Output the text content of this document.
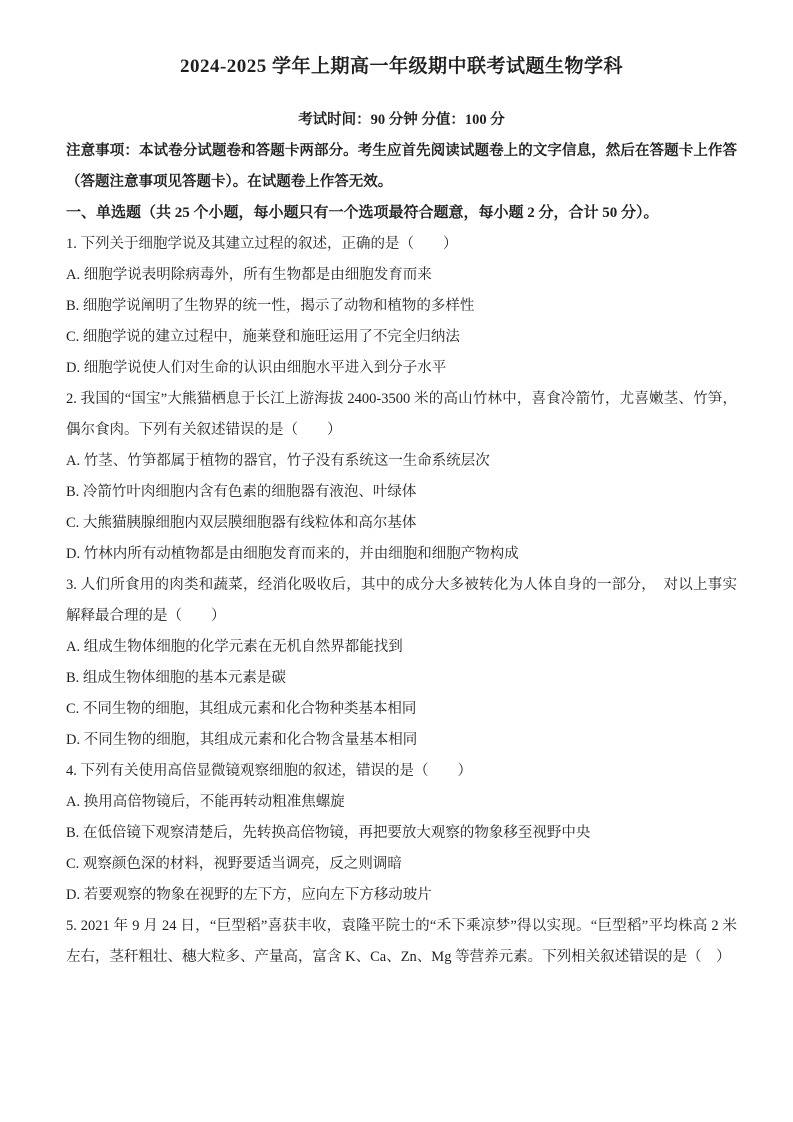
2024-2025 学年上期高一年级期中联考试题生物学科

考试时间：90 分钟 分值：100 分

注意事项：本试卷分试题卷和答题卡两部分。考生应首先阅读试题卷上的文字信息，然后在答题卡上作答（答题注意事项见答题卡）。在试题卷上作答无效。

一、单选题（共 25 个小题，每小题只有一个选项最符合题意，每小题 2 分，合计 50 分）。

1. 下列关于细胞学说及其建立过程的叙述，正确的是（　　）

A. 细胞学说表明除病毒外，所有生物都是由细胞发育而来

B. 细胞学说阐明了生物界的统一性，揭示了动物和植物的多样性

C. 细胞学说的建立过程中，施莱登和施旺运用了不完全归纳法

D. 细胞学说使人们对生命的认识由细胞水平进入到分子水平

2. 我国的“国宝”大熊猫栖息于长江上游海拔 2400-3500 米的高山竹林中，喜食冷箭竹，尤喜嫩茎、竹笋，偶尔食肉。下列有关叙述错误的是（　　）

A. 竹茎、竹笋都属于植物的器官，竹子没有系统这一生命系统层次

B. 冷箭竹叶肉细胞内含有色素的细胞器有液泡、叶绿体

C. 大熊猫胰腺细胞内双层膜细胞器有线粒体和高尔基体

D. 竹林内所有动植物都是由细胞发育而来的，并由细胞和细胞产物构成

3. 人们所食用的肉类和蔬菜，经消化吸收后，其中的成分大多被转化为人体自身的一部分，　对以上事实解释最合理的是（　　）

A. 组成生物体细胞的化学元素在无机自然界都能找到

B. 组成生物体细胞的基本元素是碳

C. 不同生物的细胞，其组成元素和化合物种类基本相同

D. 不同生物的细胞，其组成元素和化合物含量基本相同

4. 下列有关使用高倍显微镜观察细胞的叙述，错误的是（　　）

A. 换用高倍物镜后，不能再转动粗准焦螺旋

B. 在低倍镜下观察清楚后，先转换高倍物镜，再把要放大观察的物象移至视野中央

C. 观察颜色深的材料，视野要适当调亮，反之则调暗

D. 若要观察的物象在视野的左下方，应向左下方移动玻片

5. 2021 年 9 月 24 日，“巨型稻”喜获丰收，袁隆平院士的“禾下乘凉梦”得以实现。“巨型稻”平均株高 2 米左右，茎秆粗壮、穗大粒多、产量高，富含 K、Ca、Zn、Mg 等营养元素。下列相关叙述错误的是（　）
